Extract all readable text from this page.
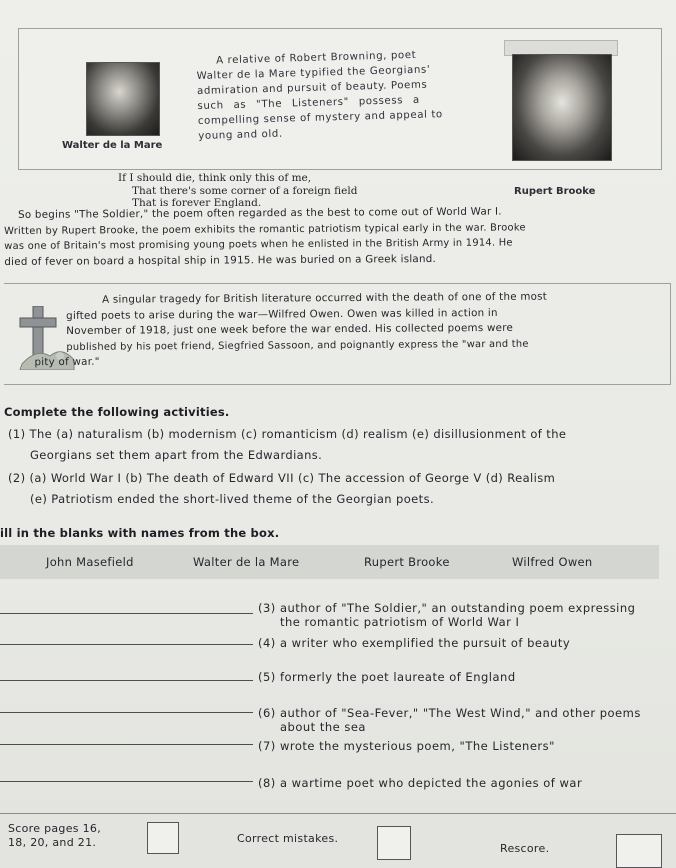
Walter de la Mare
A relative of Robert Browning, poet
Walter de la Mare typified the Georgians'
admiration and pursuit of beauty. Poems
such as "The Listeners" possess a
compelling sense of mystery and appeal to
young and old.
Rupert Brooke
If I should die, think only this of me,
That there's some corner of a foreign field
That is forever England.
So begins "The Soldier," the poem often regarded as the best to come out of World War I.
Written by Rupert Brooke, the poem exhibits the romantic patriotism typical early in the war. Brooke
was one of Britain's most promising young poets when he enlisted in the British Army in 1914. He
died of fever on board a hospital ship in 1915. He was buried on a Greek island.
A singular tragedy for British literature occurred with the death of one of the most
gifted poets to arise during the war—Wilfred Owen. Owen was killed in action in
November of 1918, just one week before the war ended. His collected poems were
published by his poet friend, Siegfried Sassoon, and poignantly express the "war and the
pity of war."
Complete the following activities.
(1) The (a) naturalism (b) modernism (c) romanticism (d) realism (e) disillusionment of the
Georgians set them apart from the Edwardians.
(2) (a) World War I (b) The death of Edward VII (c) The accession of George V (d) Realism
(e) Patriotism ended the short-lived theme of the Georgian poets.
ill in the blanks with names from the box.
John Masefield	Walter de la Mare	Rupert Brooke	Wilfred Owen
(3) author of "The Soldier," an outstanding poem expressing
the romantic patriotism of World War I
(4) a writer who exemplified the pursuit of beauty
(5) formerly the poet laureate of England
(6) author of "Sea-Fever," "The West Wind," and other poems
about the sea
(7) wrote the mysterious poem, "The Listeners"
(8) a wartime poet who depicted the agonies of war
Score pages 16,
18, 20, and 21.	Correct mistakes.
Rescore.
